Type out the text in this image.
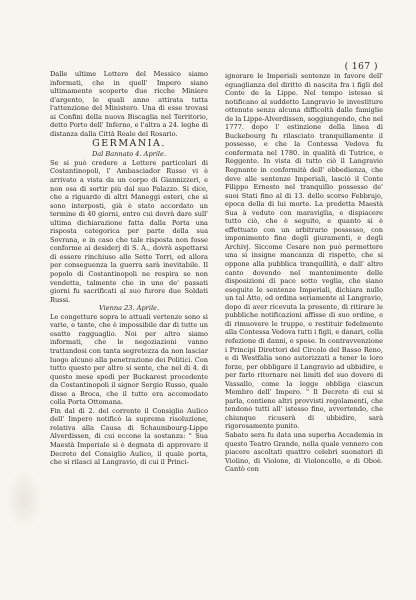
( 167 )
Dalle ultime Lettere del Messico siamo informati, che in quell' Impero siano ultimamente scoperte due ricche Miniere d'argento, le quali anno attirata tutta l'attenzione del Ministero. Una di esse trovasi ai Confini della nuova Biscaglia nel Territorio, detto Porto dell' Inferno, e l'altra a 24. leghe di distanza dalla Città Reale del Rosario.

GERMANIA.
Dal Bannato 4. Aprile.
Se si può credere a Lettere particolari di Costantinopoli, l' Ambasciador Russo vi è arrivato a vista da un corpo di Giannizzeri, e non osa di sortir più dal suo Palazzo. Si dice, che a riguardo di altri Maneggi esteri, che si sono interposti, già è stato accordato un termine di 40 giorni, entro cui dovrà dare sull' ultima dichiarazione fatta dalla Porta una risposta categorica per parte della sua Sovrana, e in caso che tale risposta non fosse conforme ai desiderj di S. A., dovrà aspettarsi di essere rinchiuso alle Sette Torri, ed allora per conseguenza la guerra sarà inevitabile. Il popolo di Costantinopoli ne respira se non vendetta, talmente che in uno de' passati giorni fu sacrificati al suo furore due Soldati Russi.

Vienna 23. Aprile.
Le congetture sopra le attuali vertenze sono sì varie, e tante, che è impossibile dar di tutte un esatto ragguaglio. Noi per altro siamo informati, che le negoziazioni vanno trattandosi con tanta segretezza da non lasciar luogo alcuno alla penetrazione dei Politici. Con tutto questo per altro si sente, che nel di 4. di questo mese spedì per Buckarest procedente da Costantinopoli il signor Sergio Russo, quale disse a Broca, che il tutto era accomodato colla Porta Ottomana.
Fin dal di 2. del corrente il Consiglio Aulico dell' Impero notificò la suprema risoluzione, relativa alla Causa di Schaumbourg-Lippe Alverdissen, di cui eccone la sostanza: " Sua Maestà Imperiale si è degnata di approvare il Decreto del Consiglio Aulico, il quale porta, che si rilasci al Langravio, di cui il Princi-
ignorare le Imperiali sentenze in favore dell' eguaglianza del diritto di nascita fra i figli del Conte de la Lippe. Nel tempo istesso si notificano al suddetto Langravio le investiture ottenute senza alcuna difficoltà dalle famiglie de la Lippe-Alverdissen, soggiungendo, che nel 1777. dopo l' estinzione della linea di Buckebourg fu rilasciato tranquillamente il possesso, e che la Contessa Vedova fu confermata nel 1780. in qualità di Tutrice, e Reggente. In vista di tutto ciò il Langravio Regnante in conformità dell' obbedienza, che deve alle sentenze Imperiali, lasciò il Conte Filippo Ernesto nel tranquillo possesso de' suoi Stati fino al di 13. dello scorso Febbrajo, epoca della di lui morte. La predetta Maestà Sua à veduto con maraviglia, e dispiacere tutto ciò, che è seguito, e quanto si è effettuato con un arbitrario possesso, con imponimento fino degli giuramenti, e degli Archivj. Siccome Cesare non può permettere una sì insigne mancanza di rispetto, che si oppone alla pubblica tranquillità, e dall' altro canto dovendo nel mantenimento delle disposizioni di pace sotto veglia, che siano eseguite le sentenze Imperiali, dichiara nullo un tal Atto, ed ordina seriamente al Langravio, dopo di aver ricevuta la presente, di ritirare le pubbliche notificazioni affisse di suo ordine, e di rimuovere le truppe, e restituir fedelmente alla Contessa Vedova tutti i figli, e danari, colla refezione di danni, e spese. In contravvenzione i Principi Direttori del Circolo del Basso Reno, e di Westfalia sono autorizzati a tener le loro forze, per obbligare il Langravio ad ubbidire, e per farlo ritornare nei limiti del suo dovere di Vassallo, come la legge obbliga ciascun Membro dell' Impero. " Il Decreto di cui si parla, contiene altri provvisti regolamenti, che tendono tutti all' istesso fine, avvertendo, che chiunque ricuserà di ubbidire, sarà rigorosamente punito.
Sabato sera fu data una superba Accademia in questo Teatro Grande, nella quale vennero con piacere ascoltati quattro celebri suonatori di Violino, di Violone, di Violoncello, e di Oboè. Cantò con
